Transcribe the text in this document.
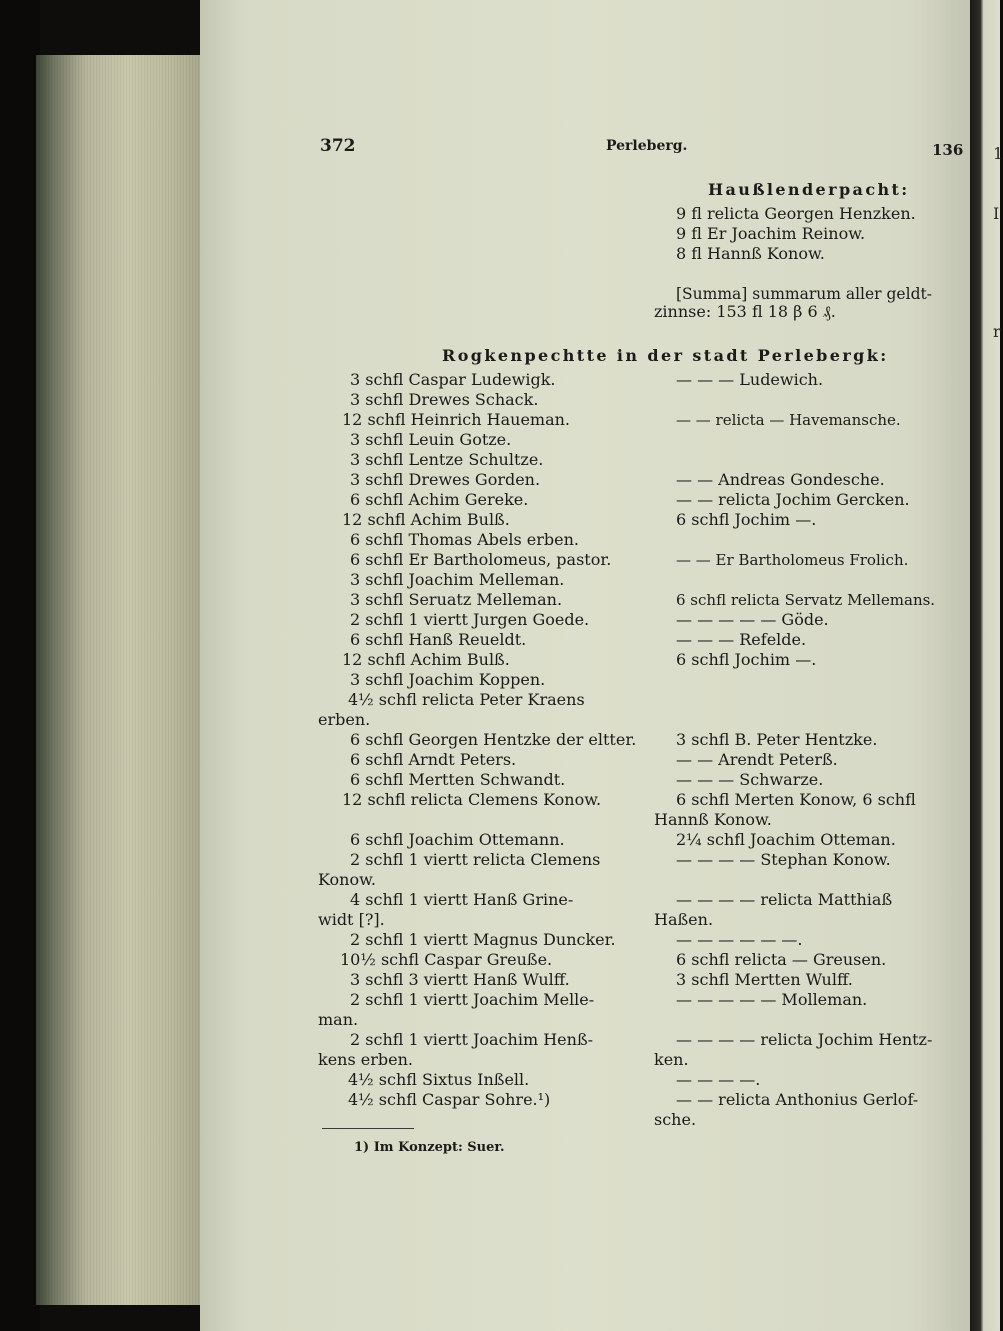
1
I
r
372	Perleberg.	136
Haußlenderpacht:
9 fl relicta Georgen Henzken.
9 fl Er Joachim Reinow.
8 fl Hannß Konow.
[Summa] summarum aller geldt-
zinnse: 153 fl 18 β 6 ₰.
Rogkenpechtte in der stadt Perlebergk:
3 schfl Caspar Ludewigk.
3 schfl Drewes Schack.
12 schfl Heinrich Haueman.
3 schfl Leuin Gotze.
3 schfl Lentze Schultze.
3 schfl Drewes Gorden.
6 schfl Achim Gereke.
12 schfl Achim Bulß.
6 schfl Thomas Abels erben.
6 schfl Er Bartholomeus, pastor.
3 schfl Joachim Melleman.
3 schfl Seruatz Melleman.
2 schfl 1 viertt Jurgen Goede.
6 schfl Hanß Reueldt.
12 schfl Achim Bulß.
3 schfl Joachim Koppen.
4½ schfl relicta Peter Kraens
erben.
6 schfl Georgen Hentzke der eltter.
6 schfl Arndt Peters.
6 schfl Mertten Schwandt.
12 schfl relicta Clemens Konow.
6 schfl Joachim Ottemann.
2 schfl 1 viertt relicta Clemens
Konow.
4 schfl 1 viertt Hanß Grine-
widt [?].
2 schfl 1 viertt Magnus Duncker.
10½ schfl Caspar Greuße.
3 schfl 3 viertt Hanß Wulff.
2 schfl 1 viertt Joachim Melle-
man.
2 schfl 1 viertt Joachim Henß-
kens erben.
4½ schfl Sixtus Inßell.
4½ schfl Caspar Sohre.¹)
— — — Ludewich.
— — relicta — Havemansche.
— — Andreas Gondesche.
— — relicta Jochim Gercken.
6 schfl Jochim —.
— — Er Bartholomeus Frolich.
6 schfl relicta Servatz Mellemans.
— — — — — Göde.
— — — Refelde.
6 schfl Jochim —.
3 schfl B. Peter Hentzke.
— — Arendt Peterß.
— — — Schwarze.
6 schfl Merten Konow, 6 schfl
Hannß Konow.
2¼ schfl Joachim Otteman.
— — — — Stephan Konow.
— — — — relicta Matthiaß
Haßen.
— — — — — —.
6 schfl relicta — Greusen.
3 schfl Mertten Wulff.
— — — — — Molleman.
— — — — relicta Jochim Hentz-
ken.
— — — —.
— — relicta Anthonius Gerlof-
sche.
1) Im Konzept: Suer.
